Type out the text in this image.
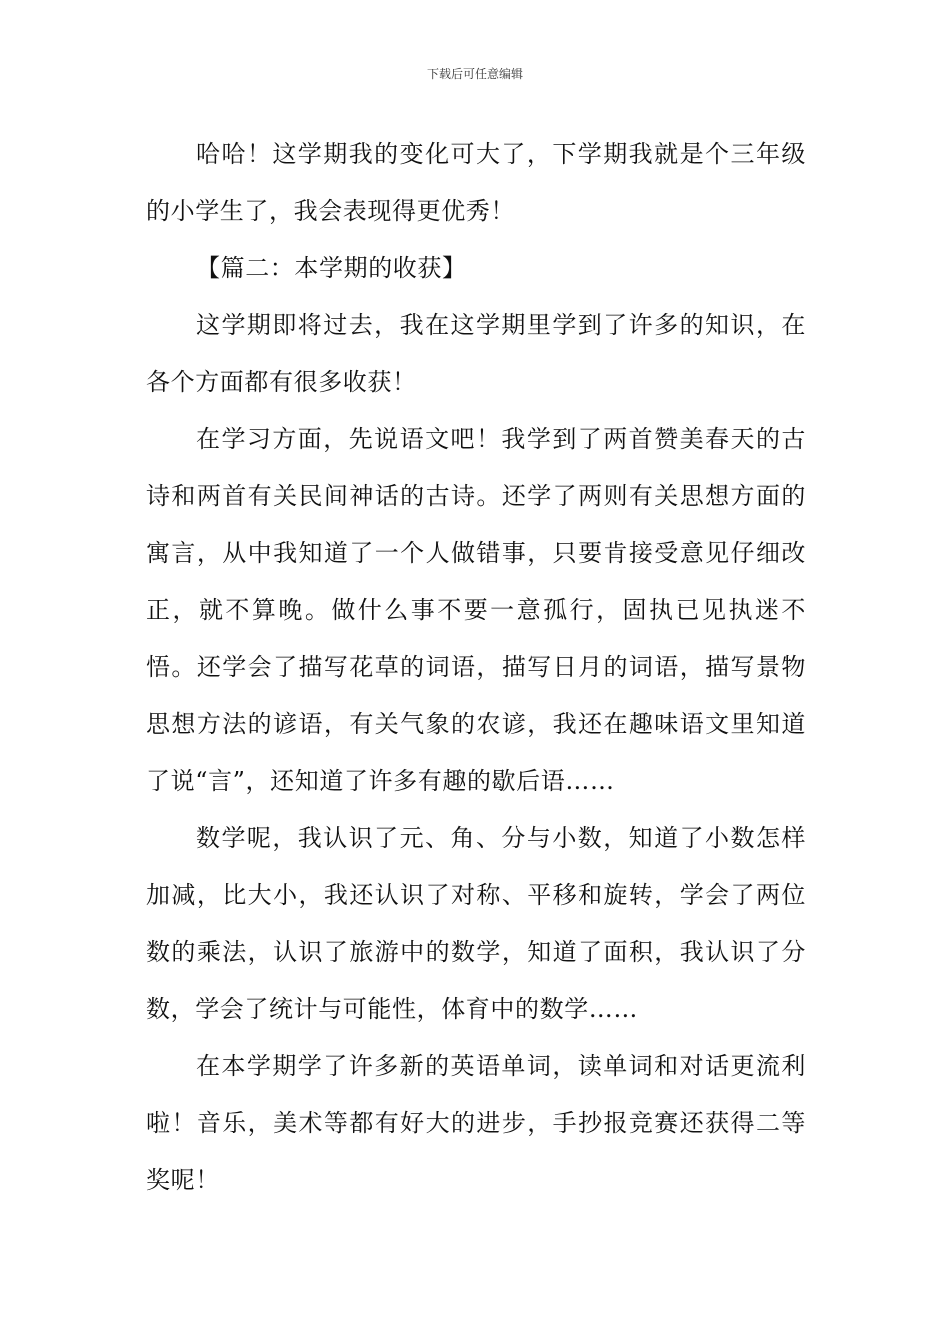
下载后可任意编辑

哈哈！这学期我的变化可大了，下学期我就是个三年级的小学生了，我会表现得更优秀！

【篇二：本学期的收获】

这学期即将过去，我在这学期里学到了许多的知识，在各个方面都有很多收获！

在学习方面，先说语文吧！我学到了两首赞美春天的古诗和两首有关民间神话的古诗。还学了两则有关思想方面的寓言，从中我知道了一个人做错事，只要肯接受意见仔细改正，就不算晚。做什么事不要一意孤行，固执已见执迷不悟。还学会了描写花草的词语，描写日月的词语，描写景物思想方法的谚语，有关气象的农谚，我还在趣味语文里知道了说“言”，还知道了许多有趣的歇后语……

数学呢，我认识了元、角、分与小数，知道了小数怎样加减，比大小，我还认识了对称、平移和旋转，学会了两位数的乘法，认识了旅游中的数学，知道了面积，我认识了分数，学会了统计与可能性，体育中的数学……

在本学期学了许多新的英语单词，读单词和对话更流利啦！音乐，美术等都有好大的进步，手抄报竞赛还获得二等奖呢！
